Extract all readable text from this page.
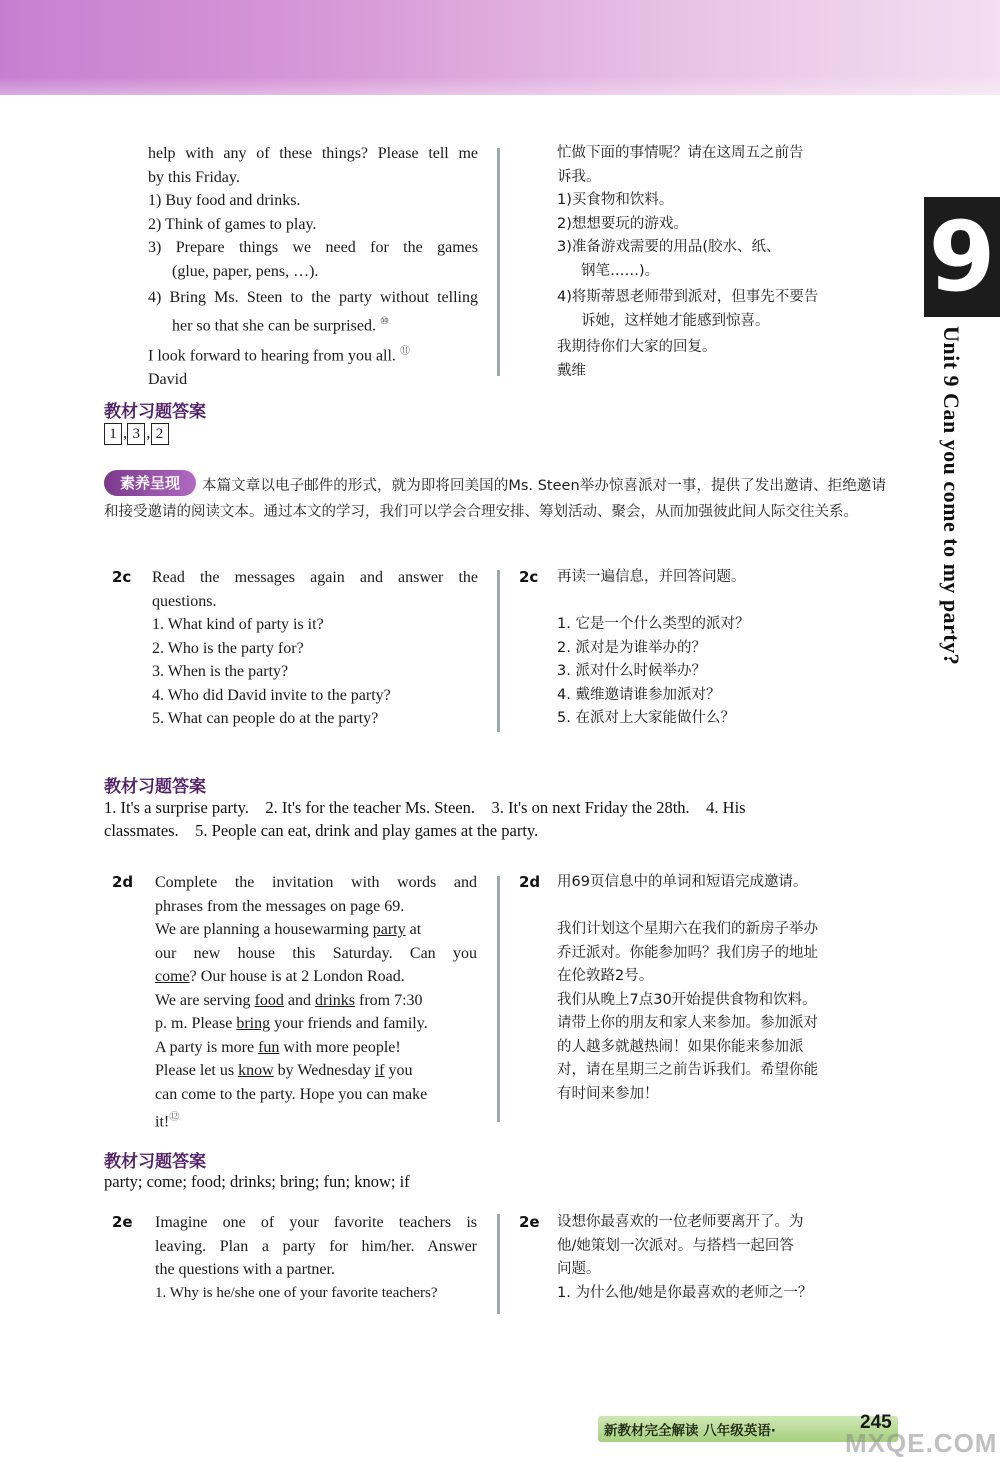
9
Unit 9 Can you come to my party?
help with any of these things? Please tell me
by this Friday.
1) Buy food and drinks.
2) Think of games to play.
3) Prepare things we need for the games
(glue, paper, pens, …).
4) Bring Ms. Steen to the party without telling
her so that she can be surprised. ⑩
I look forward to hearing from you all. ⑪
David
忙做下面的事情呢？请在这周五之前告
诉我。
1)买食物和饮料。
2)想想要玩的游戏。
3)准备游戏需要的用品(胶水、纸、
钢笔……)。
4)将斯蒂恩老师带到派对，但事先不要告
诉她，这样她才能感到惊喜。
我期待你们大家的回复。
戴维
教材习题答案
1 , 3 , 2
本篇文章以电子邮件的形式，就为即将回美国的Ms. Steen举办惊喜派对一事，提供了发出邀请、拒绝邀请和接受邀请的阅读文本。通过本文的学习，我们可以学会合理安排、筹划活动、聚会，从而加强彼此间人际交往关系。
素养呈现
2c Read the messages again and answer the
questions.
1. What kind of party is it?
2. Who is the party for?
3. When is the party?
4. Who did David invite to the party?
5. What can people do at the party?
2c 再读一遍信息，并回答问题。
1. 它是一个什么类型的派对？
2. 派对是为谁举办的？
3. 派对什么时候举办？
4. 戴维邀请谁参加派对？
5. 在派对上大家能做什么？
教材习题答案
1. It's a surprise party.    2. It's for the teacher Ms. Steen.    3. It's on next Friday the 28th.    4. His
classmates.    5. People can eat, drink and play games at the party.
2d Complete the invitation with words and
phrases from the messages on page 69.
We are planning a housewarming party at
our new house this Saturday. Can you
come? Our house is at 2 London Road.
We are serving food and drinks from 7:30
p. m. Please bring your friends and family.
A party is more fun with more people!
Please let us know by Wednesday if you
can come to the party. Hope you can make
it!⑫
2d 用69页信息中的单词和短语完成邀请。
我们计划这个星期六在我们的新房子举办
乔迁派对。你能参加吗？我们房子的地址
在伦敦路2号。
我们从晚上7点30开始提供食物和饮料。
请带上你的朋友和家人来参加。参加派对
的人越多就越热闹！如果你能来参加派
对，请在星期三之前告诉我们。希望你能
有时间来参加！
教材习题答案
party; come; food; drinks; bring; fun; know; if
2e Imagine one of your favorite teachers is
leaving. Plan a party for him/her. Answer
the questions with a partner.
1. Why is he/she one of your favorite teachers?
2e 设想你最喜欢的一位老师要离开了。为
他/她策划一次派对。与搭档一起回答
问题。
1. 为什么他/她是你最喜欢的老师之一？
新教材完全解读 八年级英语·	245
MXQE.COM
